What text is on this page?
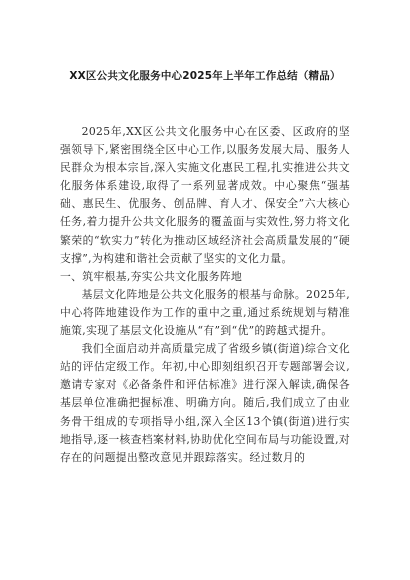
XX区公共文化服务中心2025年上半年工作总结（精品）

2025年,XX区公共文化服务中心在区委、区政府的坚强领导下,紧密围绕全区中心工作,以服务发展大局、服务人民群众为根本宗旨,深入实施文化惠民工程,扎实推进公共文化服务体系建设,取得了一系列显著成效。中心聚焦“强基础、惠民生、优服务、创品牌、育人才、保安全”六大核心任务,着力提升公共文化服务的覆盖面与实效性,努力将文化繁荣的“软实力”转化为推动区域经济社会高质量发展的“硬支撑”,为构建和谐社会贡献了坚实的文化力量。

一、筑牢根基,夯实公共文化服务阵地

基层文化阵地是公共文化服务的根基与命脉。2025年,中心将阵地建设作为工作的重中之重,通过系统规划与精准施策,实现了基层文化设施从“有”到“优”的跨越式提升。

我们全面启动并高质量完成了省级乡镇(街道)综合文化站的评估定级工作。年初,中心即刻组织召开专题部署会议,邀请专家对《必备条件和评估标准》进行深入解读,确保各基层单位准确把握标准、明确方向。随后,我们成立了由业务骨干组成的专项指导小组,深入全区13个镇(街道)进行实地指导,逐一核查档案材料,协助优化空间布局与功能设置,对存在的问题提出整改意见并跟踪落实。经过数月的
